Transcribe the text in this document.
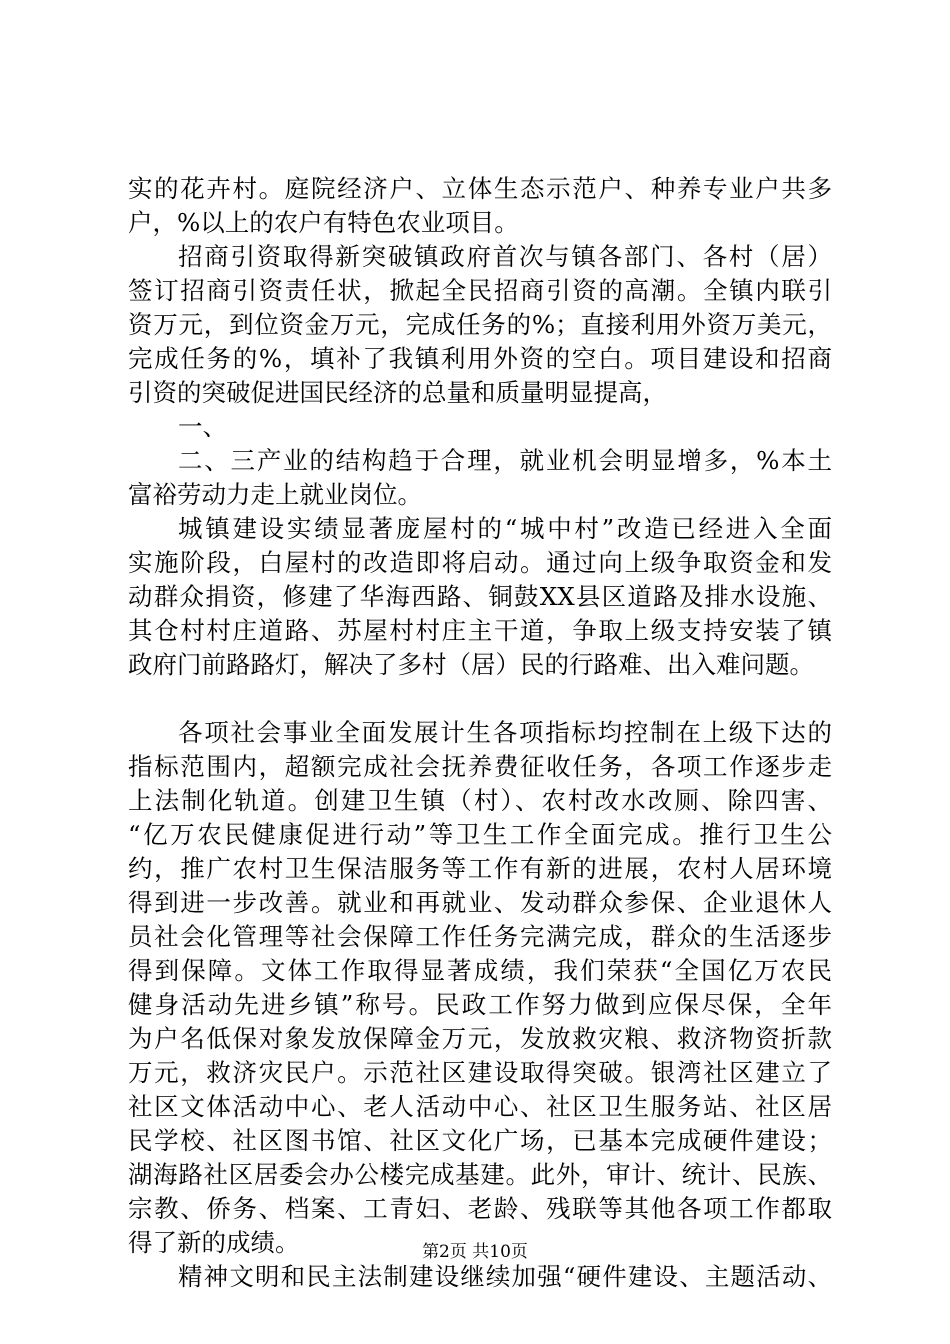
实的花卉村。庭院经济户、立体生态示范户、种养专业户共多
户，%以上的农户有特色农业项目。
招商引资取得新突破镇政府首次与镇各部门、各村（居）
签订招商引资责任状，掀起全民招商引资的高潮。全镇内联引
资万元，到位资金万元，完成任务的%；直接利用外资万美元，
完成任务的%，填补了我镇利用外资的空白。项目建设和招商
引资的突破促进国民经济的总量和质量明显提高，
一、
二、三产业的结构趋于合理，就业机会明显增多，%本土
富裕劳动力走上就业岗位。
城镇建设实绩显著庞屋村的“城中村”改造已经进入全面
实施阶段，白屋村的改造即将启动。通过向上级争取资金和发
动群众捐资，修建了华海西路、铜鼓XX县区道路及排水设施、
其仓村村庄道路、苏屋村村庄主干道，争取上级支持安装了镇
政府门前路路灯，解决了多村（居）民的行路难、出入难问题。
各项社会事业全面发展计生各项指标均控制在上级下达的
指标范围内，超额完成社会抚养费征收任务，各项工作逐步走
上法制化轨道。创建卫生镇（村）、农村改水改厕、除四害、
“亿万农民健康促进行动”等卫生工作全面完成。推行卫生公
约，推广农村卫生保洁服务等工作有新的进展，农村人居环境
得到进一步改善。就业和再就业、发动群众参保、企业退休人
员社会化管理等社会保障工作任务完满完成，群众的生活逐步
得到保障。文体工作取得显著成绩，我们荣获“全国亿万农民
健身活动先进乡镇”称号。民政工作努力做到应保尽保，全年
为户名低保对象发放保障金万元，发放救灾粮、救济物资折款
万元，救济灾民户。示范社区建设取得突破。银湾社区建立了
社区文体活动中心、老人活动中心、社区卫生服务站、社区居
民学校、社区图书馆、社区文化广场，已基本完成硬件建设；
湖海路社区居委会办公楼完成基建。此外，审计、统计、民族、
宗教、侨务、档案、工青妇、老龄、残联等其他各项工作都取
得了新的成绩。
精神文明和民主法制建设继续加强“硬件建设、主题活动、
第2页 共10页
